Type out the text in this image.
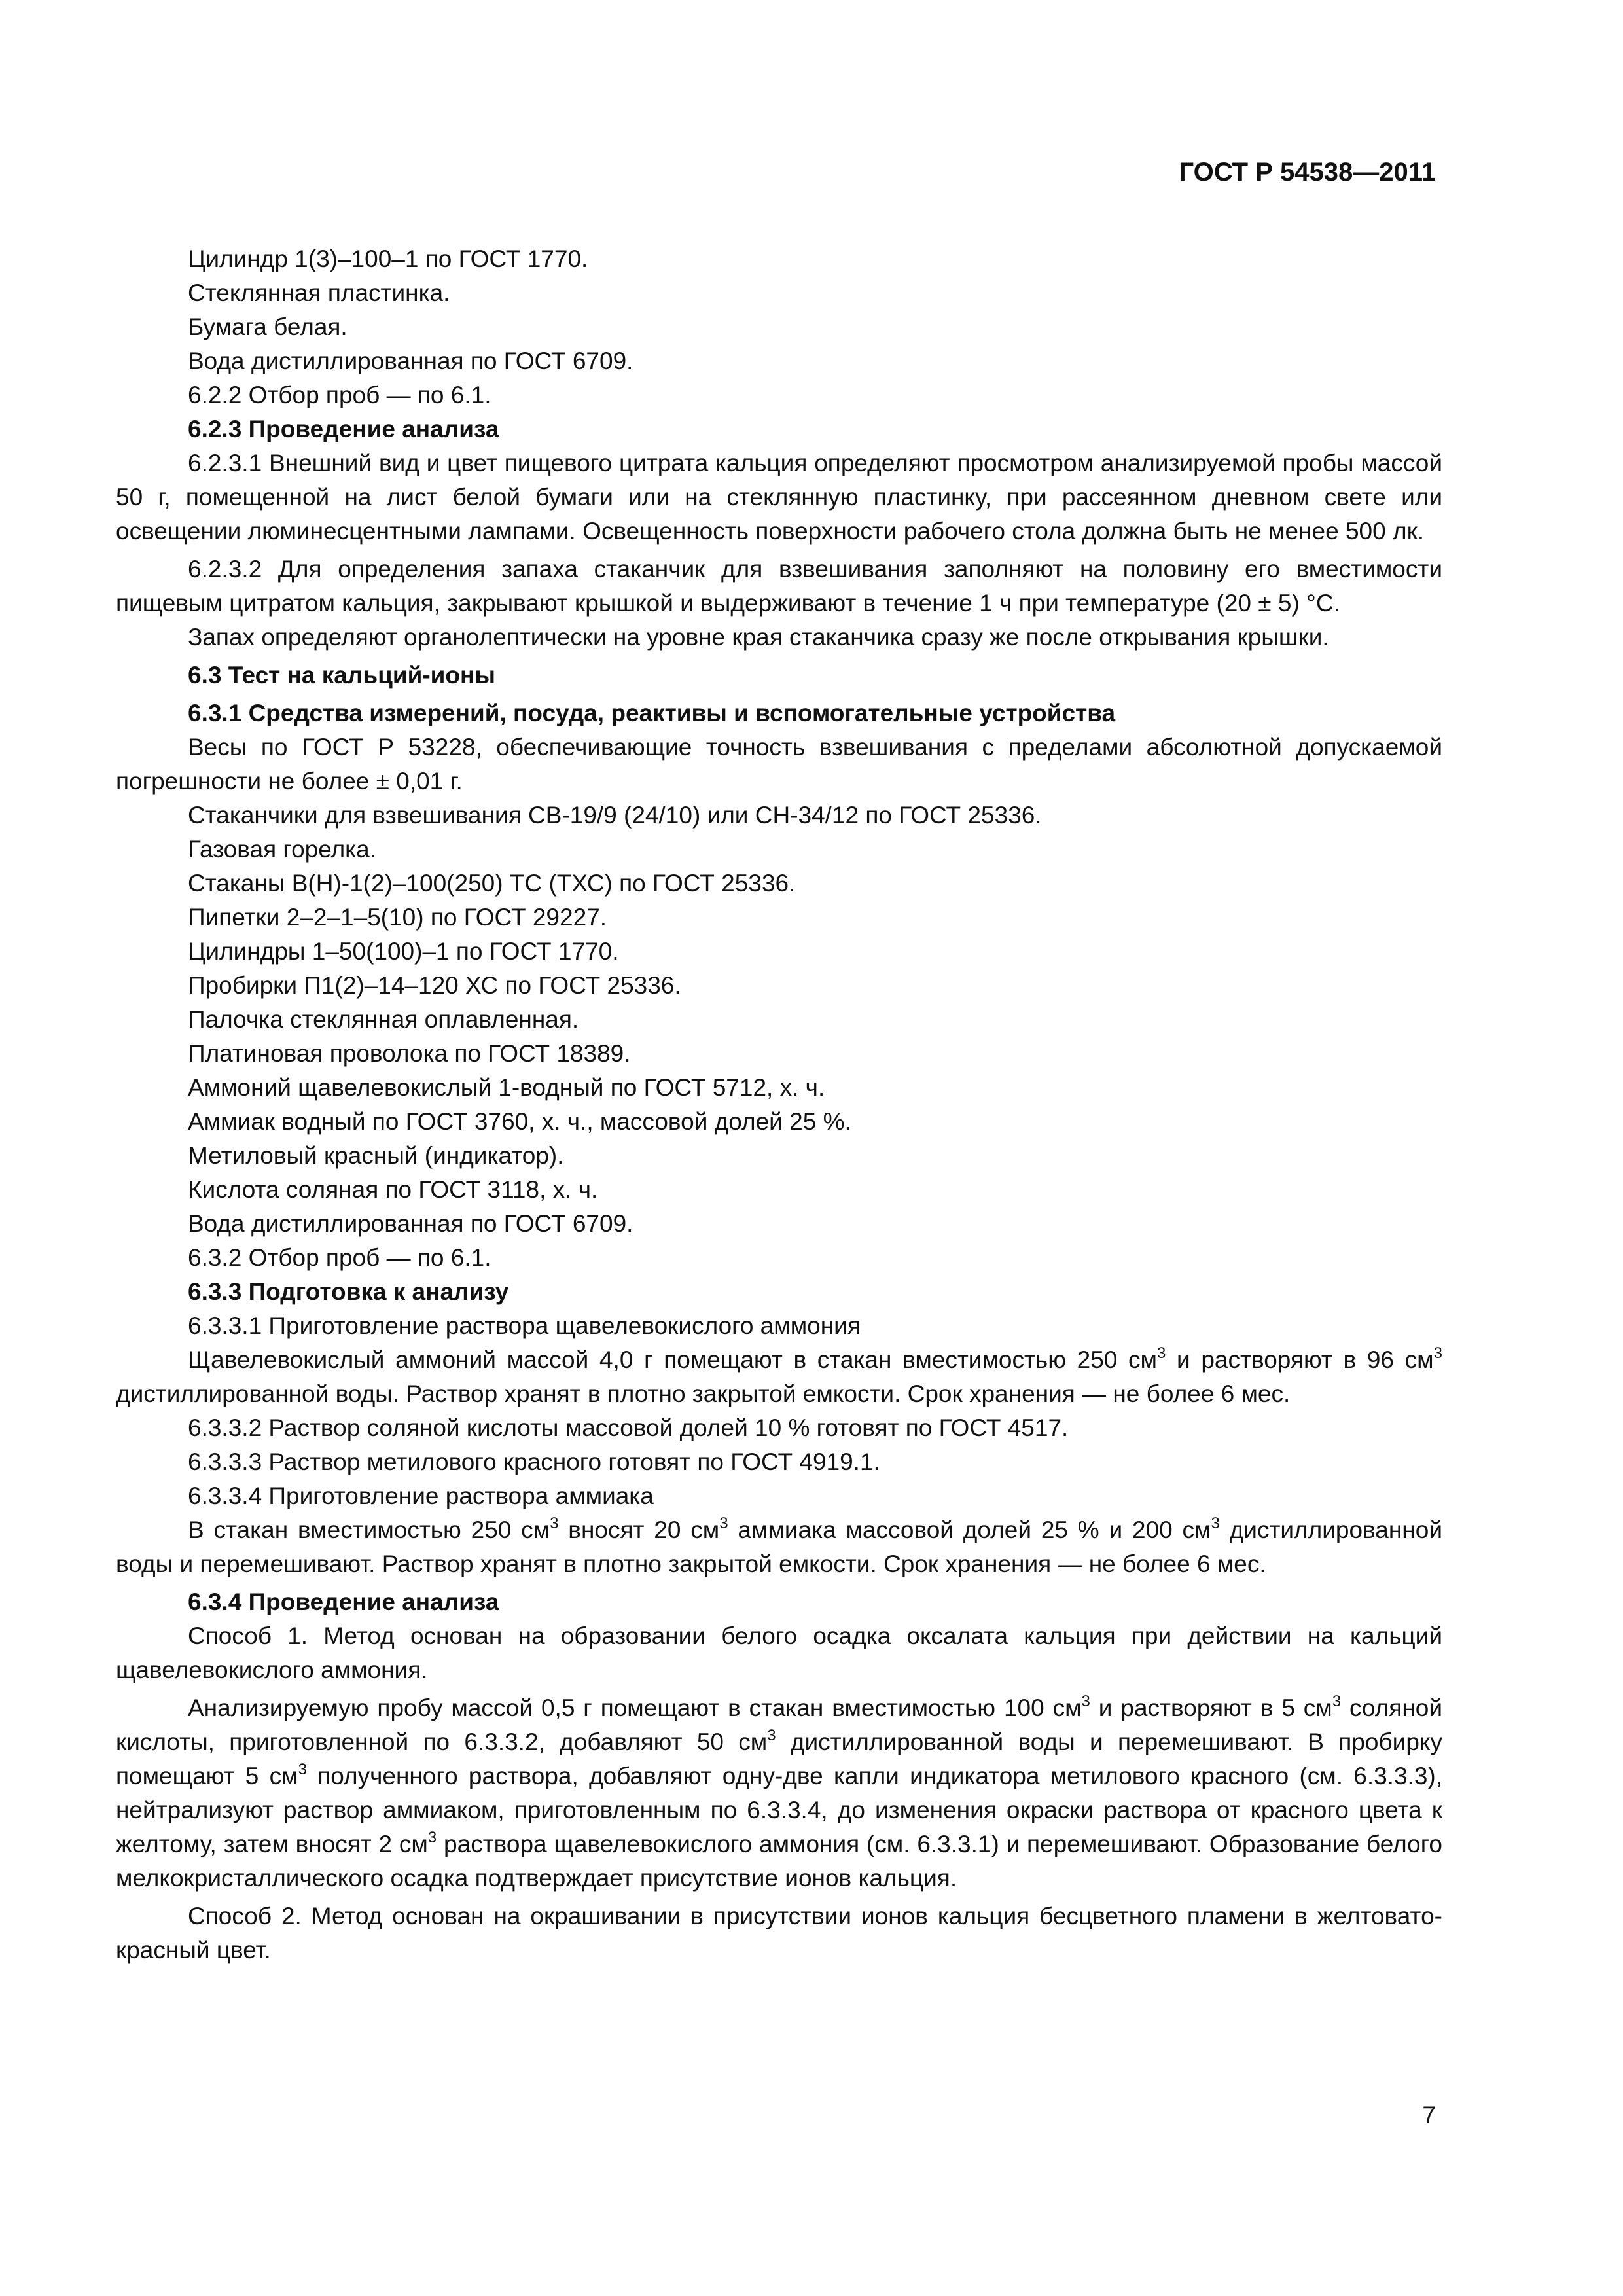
ГОСТ Р 54538—2011

Цилиндр 1(3)–100–1 по ГОСТ 1770.

Стеклянная пластинка.

Бумага белая.

Вода дистиллированная по ГОСТ 6709.

6.2.2 Отбор проб — по 6.1.

6.2.3 Проведение анализа

6.2.3.1 Внешний вид и цвет пищевого цитрата кальция определяют просмотром анализируемой пробы массой 50 г, помещенной на лист белой бумаги или на стеклянную пластинку, при рассеянном дневном свете или освещении люминесцентными лампами. Освещенность поверхности рабочего стола должна быть не менее 500 лк.

6.2.3.2 Для определения запаха стаканчик для взвешивания заполняют на половину его вместимости пищевым цитратом кальция, закрывают крышкой и выдерживают в течение 1 ч при температуре (20 ± 5) °С.

Запах определяют органолептически на уровне края стаканчика сразу же после открывания крышки.

6.3 Тест на кальций-ионы

6.3.1 Средства измерений, посуда, реактивы и вспомогательные устройства

Весы по ГОСТ Р 53228, обеспечивающие точность взвешивания с пределами абсолютной допускаемой погрешности не более ± 0,01 г.

Стаканчики для взвешивания СВ-19/9 (24/10) или СН-34/12 по ГОСТ 25336.

Газовая горелка.

Стаканы В(Н)-1(2)–100(250) ТС (ТХС) по ГОСТ 25336.

Пипетки 2–2–1–5(10) по ГОСТ 29227.

Цилиндры 1–50(100)–1 по ГОСТ 1770.

Пробирки П1(2)–14–120 ХС по ГОСТ 25336.

Палочка стеклянная оплавленная.

Платиновая проволока по ГОСТ 18389.

Аммоний щавелевокислый 1-водный по ГОСТ 5712, х. ч.

Аммиак водный по ГОСТ 3760, х. ч., массовой долей 25 %.

Метиловый красный (индикатор).

Кислота соляная по ГОСТ 3118, х. ч.

Вода дистиллированная по ГОСТ 6709.

6.3.2 Отбор проб — по 6.1.

6.3.3 Подготовка к анализу

6.3.3.1 Приготовление раствора щавелевокислого аммония

Щавелевокислый аммоний массой 4,0 г помещают в стакан вместимостью 250 $см^3$ и растворяют в 96 $см^3$ дистиллированной воды. Раствор хранят в плотно закрытой емкости. Срок хранения — не более 6 мес.

6.3.3.2 Раствор соляной кислоты массовой долей 10 % готовят по ГОСТ 4517.

6.3.3.3 Раствор метилового красного готовят по ГОСТ 4919.1.

6.3.3.4 Приготовление раствора аммиака

В стакан вместимостью 250 $см^3$ вносят 20 $см^3$ аммиака массовой долей 25 % и 200 $см^3$ дистиллированной воды и перемешивают. Раствор хранят в плотно закрытой емкости. Срок хранения — не более 6 мес.

6.3.4 Проведение анализа

Способ 1. Метод основан на образовании белого осадка оксалата кальция при действии на кальций щавелевокислого аммония.

Анализируемую пробу массой 0,5 г помещают в стакан вместимостью 100 $см^3$ и растворяют в 5 $см^3$ соляной кислоты, приготовленной по 6.3.3.2, добавляют 50 $см^3$ дистиллированной воды и перемешивают. В пробирку помещают 5 $см^3$ полученного раствора, добавляют одну-две капли индикатора метилового красного (см. 6.3.3.3), нейтрализуют раствор аммиаком, приготовленным по 6.3.3.4, до изменения окраски раствора от красного цвета к желтому, затем вносят 2 $см^3$ раствора щавелевокислого аммония (см. 6.3.3.1) и перемешивают. Образование белого мелкокристаллического осадка подтверждает присутствие ионов кальция.

Способ 2. Метод основан на окрашивании в присутствии ионов кальция бесцветного пламени в желтовато-красный цвет.

7
